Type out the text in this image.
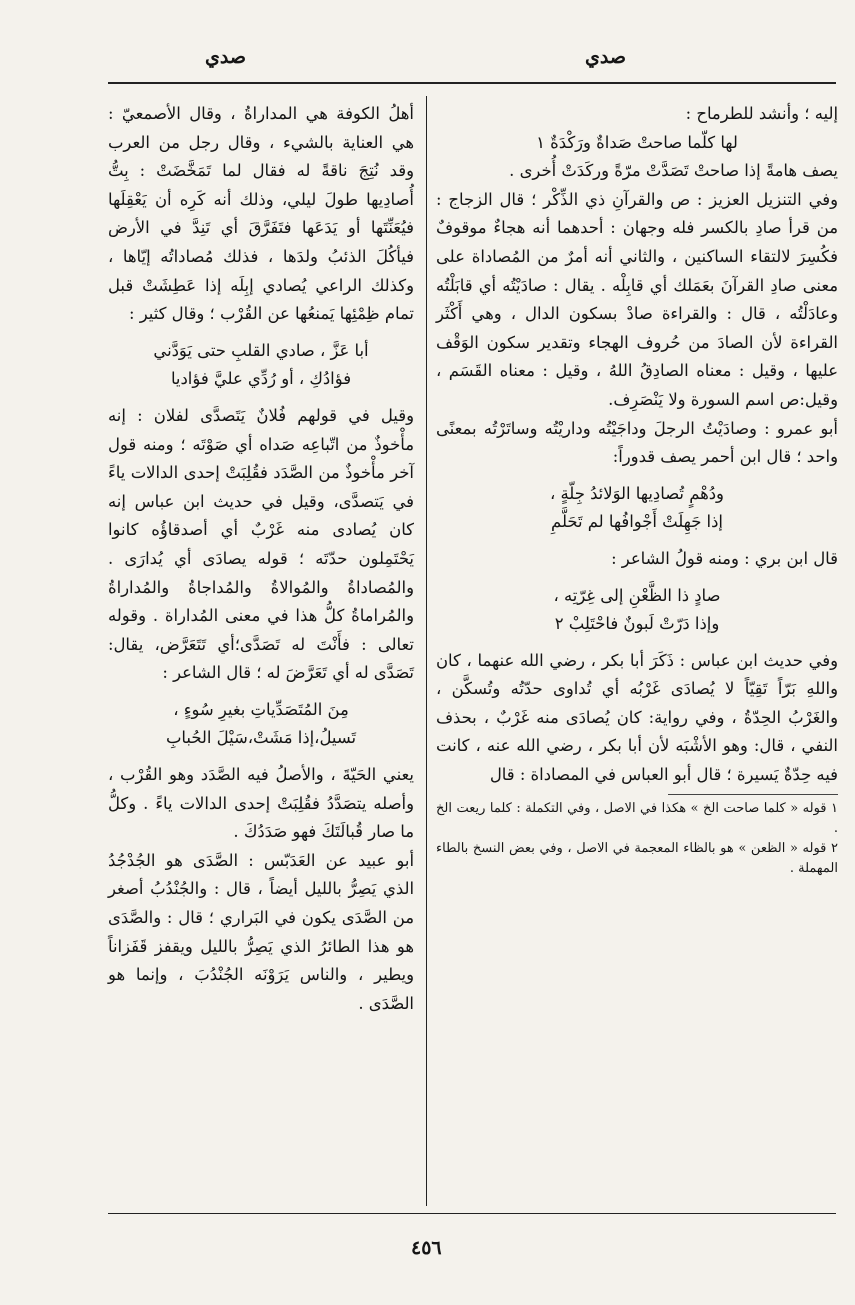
صدي	صدي

إليه ؛ وأنشد للطرماح :

لها كلّما صاحتْ صَداةٌ ورَكْدَةٌ ١

يصف هامةً إذا صاحتْ تَصَدَّتْ مرّةً وركَدَتْ أُخرى .

وفي التنزيل العزيز : ص والقرآنِ ذي الذِّكْر ؛ قال الزجاج : من قرأ صادِ بالكسر فله وجهان : أحدهما أنه هجاءٌ موقوفٌ فكُسِرَ لالتقاء الساكنين ، والثاني أنه أمرٌ من المُصاداة على معنى صادِ القرآنَ بعَمَلك أي قابِلْه . يقال : صادَيْتُه أي قابَلْتُه وعادَلْتُه ، قال : والقراءة صادْ بسكون الدال ، وهي أَكْثَر القراءة لأن الصادَ من حُروف الهجاء وتقدير سكون الوَقْف عليها ، وقيل : معناه الصادِقُ اللهُ ، وقيل : معناه القَسَم ، وقيل:ص اسم السورة ولا يَنْصَرِف.

أبو عمرو : وصادَيْتُ الرجلَ وداجَيْتُه وداريْتُه وساتَرْتُه بمعنًى واحد ؛ قال ابن أحمر يصف قدوراً:

ودُهْمٍ تُصادِيها الوَلائدُ جِلّةٍ ،

إذا جَهِلَتْ أَجْوافُها لم تَحَلَّمِ

قال ابن بري : ومنه قولُ الشاعر :

صادٍ ذا الظَّعْنِ إلى غِرّتِه ،

وإذا دَرّتْ لَبونٌ فاحْتَلِبْ ٢

وفي حديث ابن عباس : ذَكَرَ أبا بكر ، رضي الله عنهما ، كان واللهِ بَرّاً تَقِيّاً لا يُصادَى غَرْبُه أي تُداوى حدّتُه وتُسكَّن ، والغَرْبُ الحِدّةُ ، وفي رواية: كان يُصادَى منه غَرْبٌ ، بحذف النفي ، قال: وهو الأشْبَه لأن أبا بكر ، رضي الله عنه ، كانت فيه حِدّةٌ يَسيرة ؛ قال أبو العباس في المصاداة : قال

١ قوله « كلما صاحت الخ » هكذا في الاصل ، وفي التكملة : كلما ريعت الخ .

٢ قوله « الظعن » هو بالظاء المعجمة في الاصل ، وفي بعض النسخ بالطاء المهملة .

أهلُ الكوفة هي المداراةُ ، وقال الأصمعيّ : هي العناية بالشيء ، وقال رجل من العرب وقد نُتِجَ ناقةً له فقال لما تَمَخَّضَتْ : بِتُّ أُصادِيها طولَ ليلي، وذلك أنه كَرِه أن يَعْقِلَها فيُعَنِّتَها أو يَدَعَها فتَفَرَّقَ أي تَنِدَّ في الأرض فيأكُلَ الذئبُ ولدَها ، فذلك مُصاداتُه إيّاها ، وكذلك الراعي يُصادي إبِلَه إذا عَطِشَتْ قبل تمام ظِمْئِها يَمنعُها عن القُرْب ؛ وقال كثير :

أبا عَزَّ ، صادي القلبِ حتى يَوَدَّني

فؤادُكِ ، أو رُدِّي عليَّ فؤاديا

وقيل في قولهم فُلانٌ يَتَصدَّى لفلان : إنه مأْخوذٌ من اتّباعِه صَداه أي صَوْتَه ؛ ومنه قول آخر مأْخوذٌ من الصَّدَد فقُلِبَتْ إحدى الدالات ياءً في يَتصدَّى، وقيل في حديث ابن عباس إنه كان يُصادى منه غَرْبٌ أي أصدقاؤُه كانوا يَحْتَمِلون حدّتَه ؛ قوله يصادَى أي يُدارَى . والمُصاداةُ والمُوالاةُ والمُداجاةُ والمُداراةُ والمُراماةُ كلُّ هذا في معنى المُداراة . وقوله تعالى : فأَنْتَ له تَصَدَّى؛أي تَتَعَرَّض، يقال: تَصَدَّى له أي تَعَرَّضَ له ؛ قال الشاعر :

مِنَ المُتَصَدِّياتِ بغيرِ سُوءٍ ،

تَسيلُ،إذا مَشَتْ،سَيْلَ الحُبابِ

يعني الحَيّةَ ، والأصلُ فيه الصَّدَد وهو القُرْب ، وأصله يتصَدَّدُ فقُلِبَتْ إحدى الدالات ياءً . وكلُّ ما صار قُبالَتَكَ فهو صَدَدُكَ .

أبو عبيد عن العَدَبّس : الصَّدَى هو الجُدْجُدُ الذي يَصِرُّ بالليل أيضاً ، قال : والجُنْدُبُ أصغر من الصَّدَى يكون في البَراري ؛ قال : والصَّدَى هو هذا الطائرُ الذي يَصِرُّ بالليل ويقفز قَفَزاناً ويطير ، والناس يَرَوْنَه الجُنْدُبَ ، وإنما هو الصَّدَى .

٤٥٦
